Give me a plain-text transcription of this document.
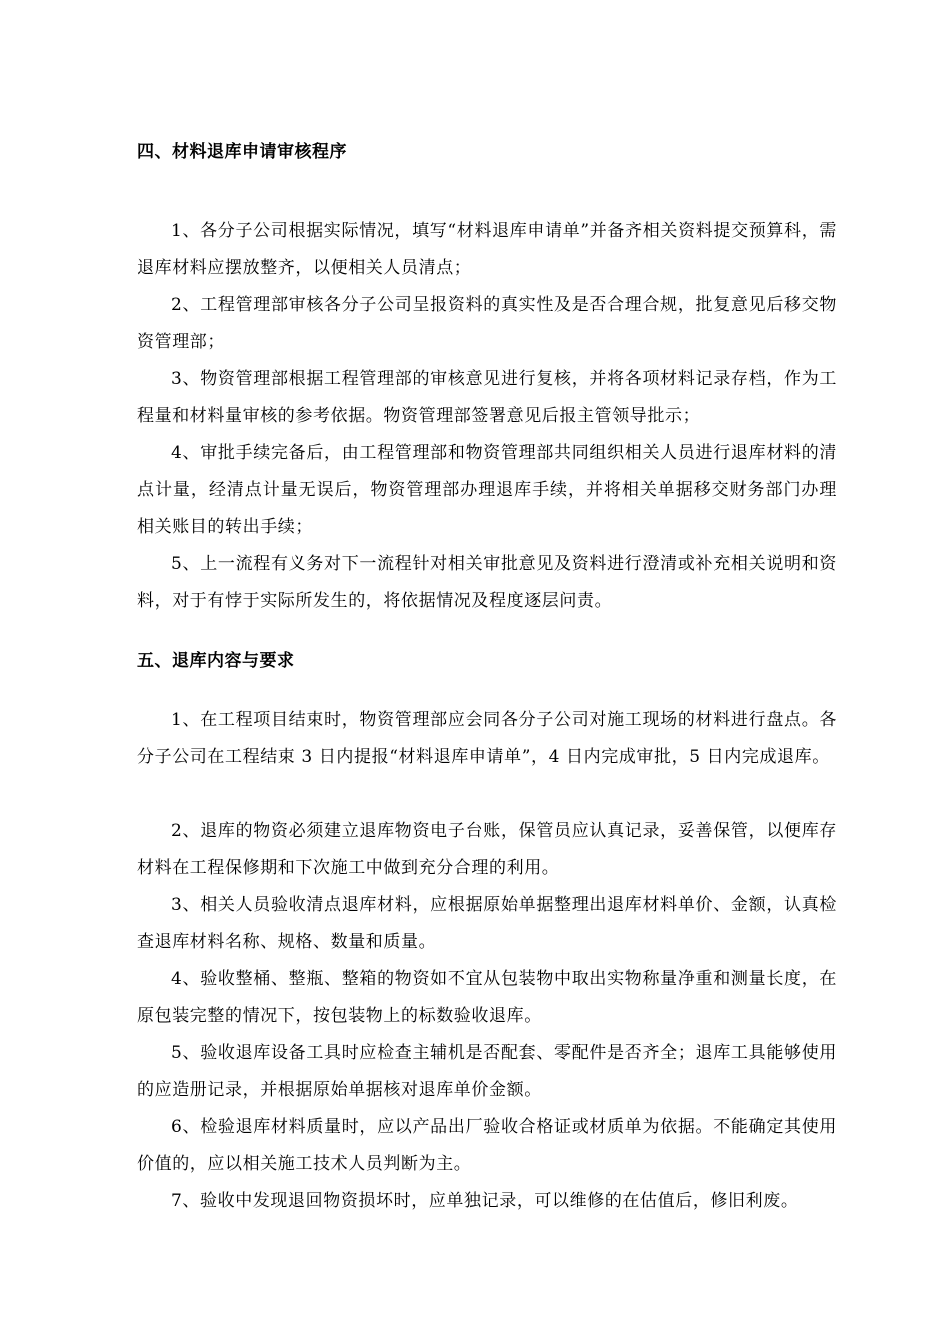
四、材料退库申请审核程序

1、各分子公司根据实际情况，填写“材料退库申请单”并备齐相关资料提交预算科，需退库材料应摆放整齐，以便相关人员清点；

2、工程管理部审核各分子公司呈报资料的真实性及是否合理合规，批复意见后移交物资管理部；

3、物资管理部根据工程管理部的审核意见进行复核，并将各项材料记录存档，作为工程量和材料量审核的参考依据。物资管理部签署意见后报主管领导批示；

4、审批手续完备后，由工程管理部和物资管理部共同组织相关人员进行退库材料的清点计量，经清点计量无误后，物资管理部办理退库手续，并将相关单据移交财务部门办理相关账目的转出手续；

5、上一流程有义务对下一流程针对相关审批意见及资料进行澄清或补充相关说明和资料，对于有悖于实际所发生的，将依据情况及程度逐层问责。

五、退库内容与要求

1、在工程项目结束时，物资管理部应会同各分子公司对施工现场的材料进行盘点。各分子公司在工程结束 3 日内提报“材料退库申请单”，4 日内完成审批，5 日内完成退库。

2、退库的物资必须建立退库物资电子台账，保管员应认真记录，妥善保管，以便库存材料在工程保修期和下次施工中做到充分合理的利用。

3、相关人员验收清点退库材料，应根据原始单据整理出退库材料单价、金额，认真检查退库材料名称、规格、数量和质量。

4、验收整桶、整瓶、整箱的物资如不宜从包装物中取出实物称量净重和测量长度，在原包装完整的情况下，按包装物上的标数验收退库。

5、验收退库设备工具时应检查主辅机是否配套、零配件是否齐全；退库工具能够使用的应造册记录，并根据原始单据核对退库单价金额。

6、检验退库材料质量时，应以产品出厂验收合格证或材质单为依据。不能确定其使用价值的，应以相关施工技术人员判断为主。

7、验收中发现退回物资损坏时，应单独记录，可以维修的在估值后，修旧利废。
